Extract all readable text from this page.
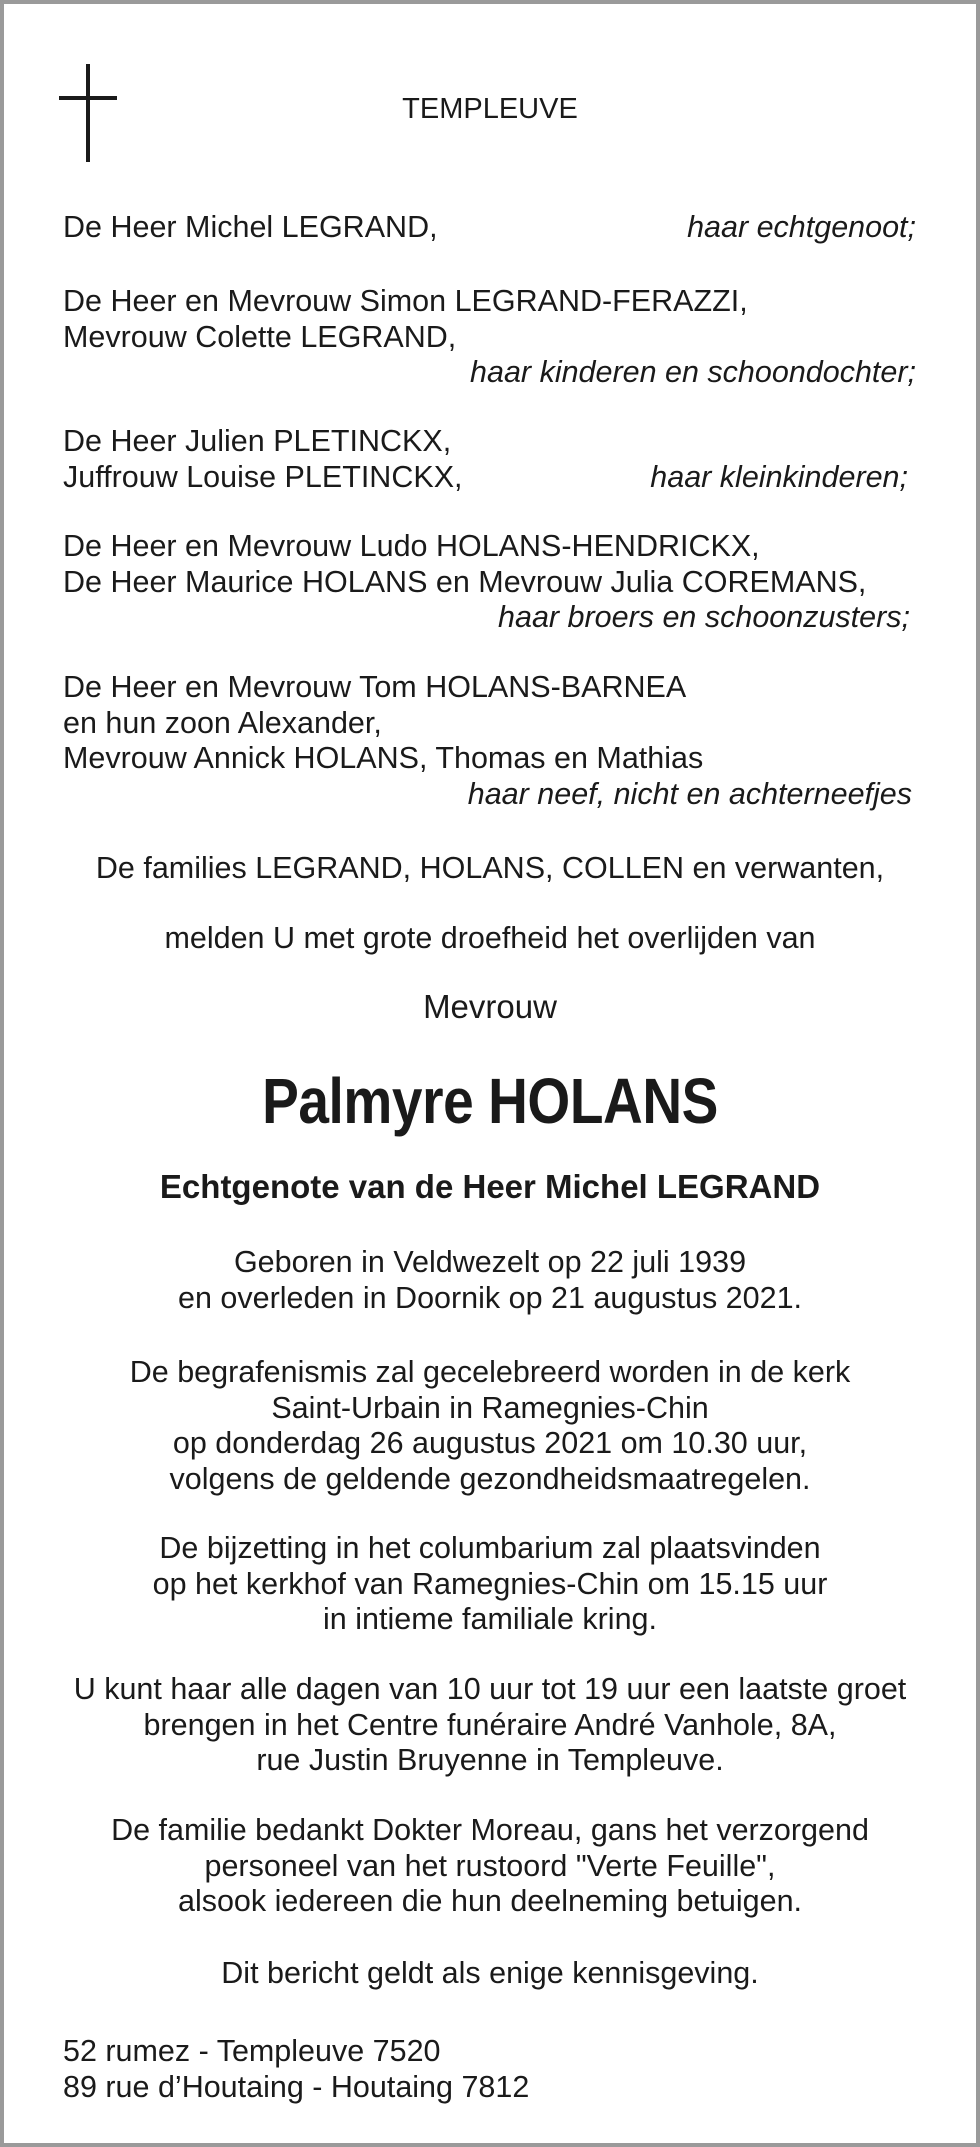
TEMPLEUVE
De Heer Michel LEGRAND,	haar echtgenoot;
De Heer en Mevrouw Simon LEGRAND-FERAZZI,
Mevrouw Colette LEGRAND,
haar kinderen en schoondochter;
De Heer Julien PLETINCKX,
Juffrouw Louise PLETINCKX,	haar kleinkinderen;
De Heer en Mevrouw Ludo HOLANS-HENDRICKX,
De Heer Maurice HOLANS en Mevrouw Julia COREMANS,
haar broers en schoonzusters;
De Heer en Mevrouw Tom HOLANS-BARNEA
en hun zoon Alexander,
Mevrouw Annick HOLANS, Thomas en Mathias
haar neef, nicht en achterneefjes
De families LEGRAND, HOLANS, COLLEN en verwanten,
melden U met grote droefheid het overlijden van
Mevrouw
Palmyre HOLANS
Echtgenote van de Heer Michel LEGRAND
Geboren in Veldwezelt op 22 juli 1939
en overleden in Doornik op 21 augustus 2021.
De begrafenismis zal gecelebreerd worden in de kerk
Saint-Urbain in Ramegnies-Chin
op donderdag 26 augustus 2021 om 10.30 uur,
volgens de geldende gezondheidsmaatregelen.
De bijzetting in het columbarium zal plaatsvinden
op het kerkhof van Ramegnies-Chin om 15.15 uur
in intieme familiale kring.
U kunt haar alle dagen van 10 uur tot 19 uur een laatste groet
brengen in het Centre funéraire André Vanhole, 8A,
rue Justin Bruyenne in Templeuve.
De familie bedankt Dokter Moreau, gans het verzorgend
personeel van het rustoord "Verte Feuille",
alsook iedereen die hun deelneming betuigen.
Dit bericht geldt als enige kennisgeving.
52 rumez - Templeuve 7520
89 rue d’Houtaing - Houtaing 7812
